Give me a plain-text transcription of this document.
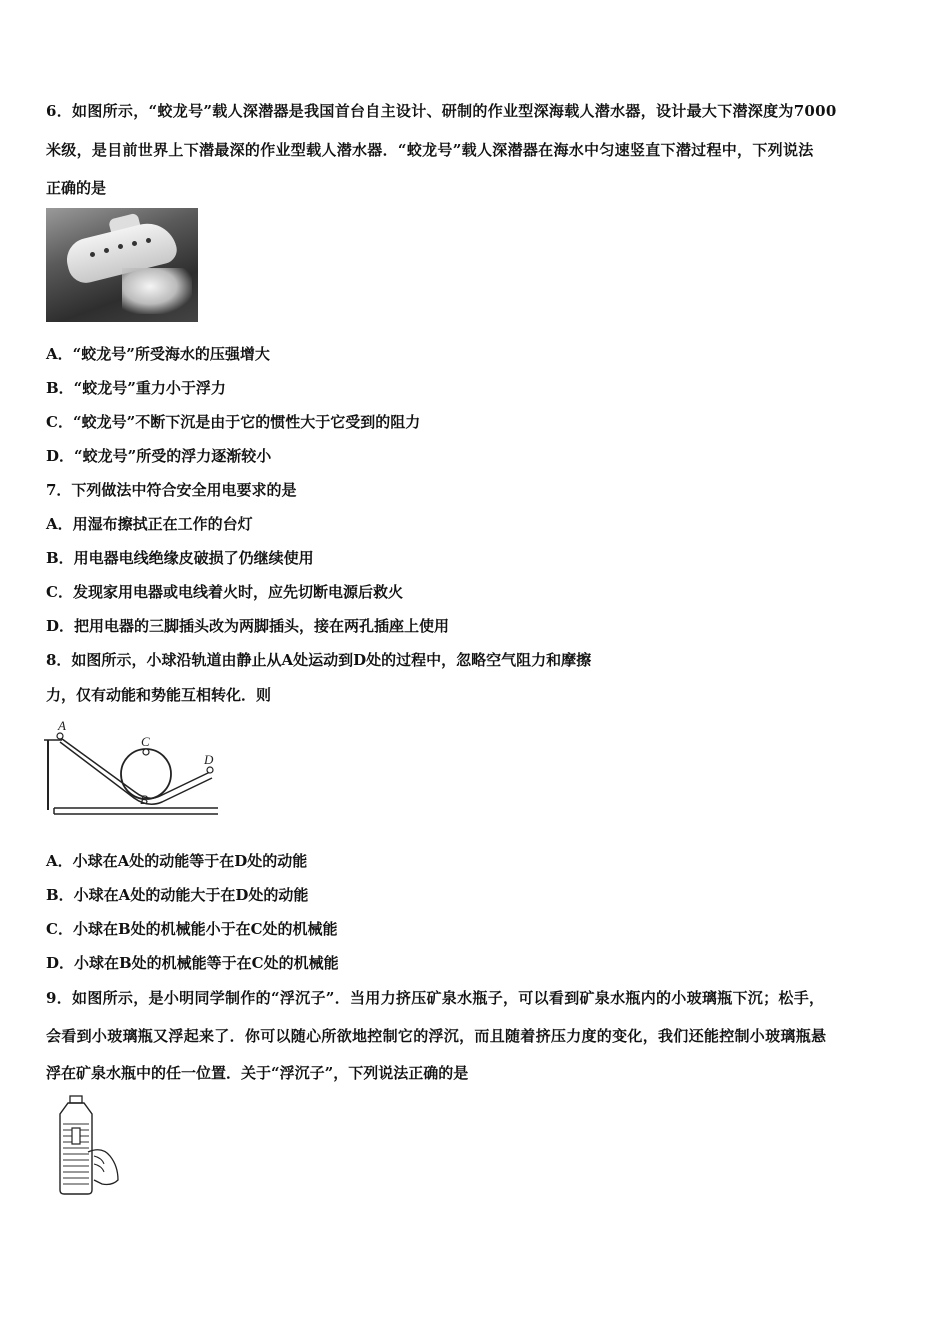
6．如图所示，“蛟龙号”载人深潜器是我国首台自主设计、研制的作业型深海载人潜水器，设计最大下潜深度为7000
米级，是目前世界上下潜最深的作业型载人潜水器．“蛟龙号”载人深潜器在海水中匀速竖直下潜过程中，下列说法
正确的是
A．“蛟龙号”所受海水的压强增大
B．“蛟龙号”重力小于浮力
C．“蛟龙号”不断下沉是由于它的惯性大于它受到的阻力
D．“蛟龙号”所受的浮力逐渐较小
7．下列做法中符合安全用电要求的是
A．用湿布擦拭正在工作的台灯
B．用电器电线绝缘皮破损了仍继续使用
C．发现家用电器或电线着火时，应先切断电源后救火
D．把用电器的三脚插头改为两脚插头，接在两孔插座上使用
8．如图所示，小球沿轨道由静止从A处运动到D处的过程中，忽略空气阻力和摩擦
力，仅有动能和势能互相转化．则
A
B
C
D
A．小球在A处的动能等于在D处的动能
B．小球在A处的动能大于在D处的动能
C．小球在B处的机械能小于在C处的机械能
D．小球在B处的机械能等于在C处的机械能
9．如图所示，是小明同学制作的“浮沉子”．当用力挤压矿泉水瓶子，可以看到矿泉水瓶内的小玻璃瓶下沉；松手，
会看到小玻璃瓶又浮起来了．你可以随心所欲地控制它的浮沉，而且随着挤压力度的变化，我们还能控制小玻璃瓶悬
浮在矿泉水瓶中的任一位置．关于“浮沉子”，下列说法正确的是
